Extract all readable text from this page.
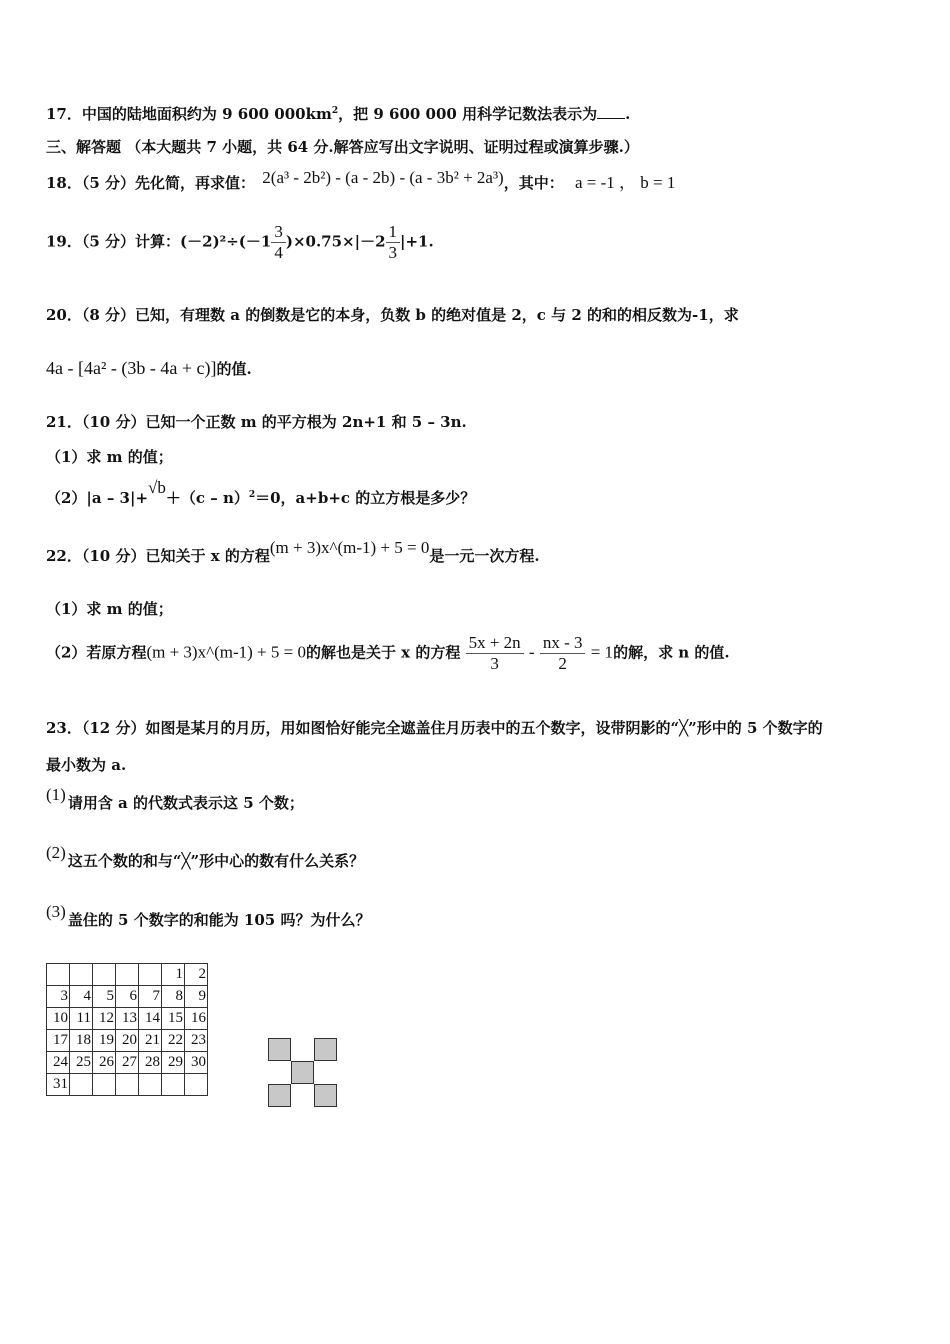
17．中国的陆地面积约为 9 600 $000km^2$，把 9 600 000 用科学记数法表示为 .
三、解答题 （本大题共 7 小题，共 64 分.解答应写出文字说明、证明过程或演算步骤.）
18．（5 分）先化简，再求值： 2(a³ - 2b²) - (a - 2b) - (a - 3b² + 2a³)，其中： a = -1 ， b = 1
19．（5 分）计算：$(-2)^2\div(-1 \frac{3}{4} )\times 0.75\times|-2 \frac{1}{3} |+1$.
20．（8 分）已知，有理数 a 的倒数是它的本身，负数 b 的绝对值是 2，c 与 2 的和的相反数为-1，求
4a - [4a² - (3b - 4a + c)]的值.
21．（10 分）已知一个正数 m 的平方根为 2n+1 和 5 – 3n.
（1）求 m 的值；
（2）|a – 3|+√b＋（c – n）$^2$＝0，a+b+c 的立方根是多少？
22．（10 分）已知关于 x 的方程(m + 3)x^(m-1) + 5 = 0是一元一次方程.
（1）求 m 的值；
（2）若原方程(m + 3)x^(m-1) + 5 = 0的解也是关于 x 的方程 $\frac{5x + 2n}{3} - \frac{nx - 3}{2} = 1$的解，求 n 的值.
23．（12 分）如图是某月的月历，用如图恰好能完全遮盖住月历表中的五个数字，设带阴影的“╳”形中的 5 个数字的
最小数为 a.
(1) 请用含 a 的代数式表示这 5 个数；
(2) 这五个数的和与“╳”形中心的数有什么关系？
(3) 盖住的 5 个数字的和能为 105 吗？为什么？
					1	2
3	4	5	6	7	8	9
10	11	12	13	14	15	16
17	18	19	20	21	22	23
24	25	26	27	28	29	30
31						
